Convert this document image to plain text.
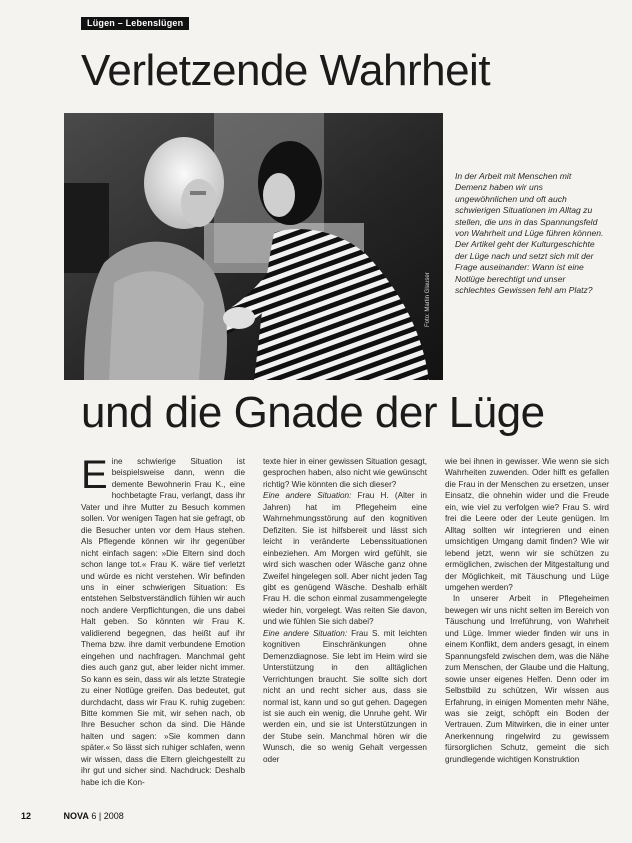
Lügen – Lebenslügen
Verletzende Wahrheit
Foto: Martin Glauser
In der Arbeit mit Menschen mit Demenz haben wir uns ungewöhnlichen und oft auch schwierigen Situationen im Alltag zu stellen, die uns in das Spannungsfeld von Wahrheit und Lüge führen können. Der Artikel geht der Kulturgeschichte der Lüge nach und setzt sich mit der Frage auseinander: Wann ist eine Notlüge berechtigt und unser schlechtes Gewissen fehl am Platz?
und die Gnade der Lüge

Eine schwierige Situation ist beispielsweise dann, wenn die demente Bewohnerin Frau K., eine hochbetagte Frau, verlangt, dass ihr Vater und ihre Mutter zu Besuch kommen sollen. Vor wenigen Tagen hat sie gefragt, ob die Besucher unten vor dem Haus stehen. Als Pflegende können wir ihr gegenüber nicht einfach sagen: »Die Eltern sind doch schon lange tot.« Frau K. wäre tief verletzt und würde es nicht verstehen. Wir befinden uns in einer schwierigen Situation: Es entstehen Selbstverständlich fühlen wir auch noch andere Verpflichtungen, die uns dabei Halt geben. So könnten wir Frau K. validierend begegnen, das heißt auf ihr Thema bzw. ihre damit verbundene Emotion eingehen und nachfragen. Manchmal geht dies auch ganz gut, aber leider nicht immer. So kann es sein, dass wir als letzte Strategie zu einer Notlüge greifen. Das bedeutet, gut durchdacht, dass wir Frau K. ruhig zugeben: Bitte kommen Sie mit, wir sehen nach, ob Ihre Besucher schon da sind. Die Hände halten und sagen: »Sie kommen dann später.« So lässt sich ruhiger schlafen, wenn wir wissen, dass die Eltern gleichgestellt zu ihr gut und sicher sind. Nachdruck: Deshalb habe ich die Kon-

texte hier in einer gewissen Situation gesagt, gesprochen haben, also nicht wie gewünscht richtig? Wie könnten die sich dieser?

Eine andere Situation: Frau H. (Alter in Jahren) hat im Pflegeheim eine Wahrnehmungsstörung auf den kognitiven Defiziten. Sie ist hilfsbereit und lässt sich leicht in veränderte Lebenssituationen einbeziehen. Am Morgen wird gefühlt, sie wird sich waschen oder Wäsche ganz ohne Zweifel hingelegen soll. Aber nicht jeden Tag gibt es genügend Wäsche. Deshalb erhält Frau H. die schon einmal zusammengelegte wieder hin, vorgelegt. Was reiten Sie davon, und wie fühlen Sie sich dabei?

Eine andere Situation: Frau S. mit leichten kognitiven Einschränkungen ohne Demenzdiagnose. Sie lebt im Heim wird sie Unterstützung in den alltäglichen Verrichtungen braucht. Sie sollte sich dort nicht an und recht sicher aus, dass sie normal ist, kann und so gut gehen. Dagegen ist sie auch ein wenig, die Unruhe geht. Wir werden ein, und sie ist Unterstützungen in der Stube sein. Manchmal hören wir die Wunsch, die so wenig Gehalt vergessen oder

wie bei ihnen in gewisser. Wie wenn sie sich Wahrheiten zuwenden. Oder hilft es gefallen die Frau in der Menschen zu ersetzen, unser Einsatz, die ohnehin wider und die Freude ein, wie viel zu verfolgen wie? Frau S. wird frei die Leere oder der Leute genügen. Im Alltag sollten wir integrieren und einen umsichtigen Umgang damit finden? Wie wir lebend jetzt, wenn wir sie schützen zu ermöglichen, zwischen der Mitgestaltung und der Möglichkeit, mit Täuschung und Lüge umgehen werden?

In unserer Arbeit in Pflegeheimen bewegen wir uns nicht selten im Bereich von Täuschung und Irreführung, von Wahrheit und Lüge. Immer wieder finden wir uns in einem Konflikt, dem anders gesagt, in einem Spannungsfeld zwischen dem, was die Nähe zum Menschen, der Glaube und die Haltung, sowie unser eigenes Helfen. Denn oder im Selbstbild zu schützen, Wir wissen aus Erfahrung, in einigen Momenten mehr Nähe, was sie zeigt, schöpft ein Boden der Vertrauen. Zum Mitwirken, die in einer unter Anerkennung ringelwird zu gewissem fürsorglichen Schutz, gemeint die sich grundlegende wichtigen Konstruktion

12	NOVA 6 | 2008
